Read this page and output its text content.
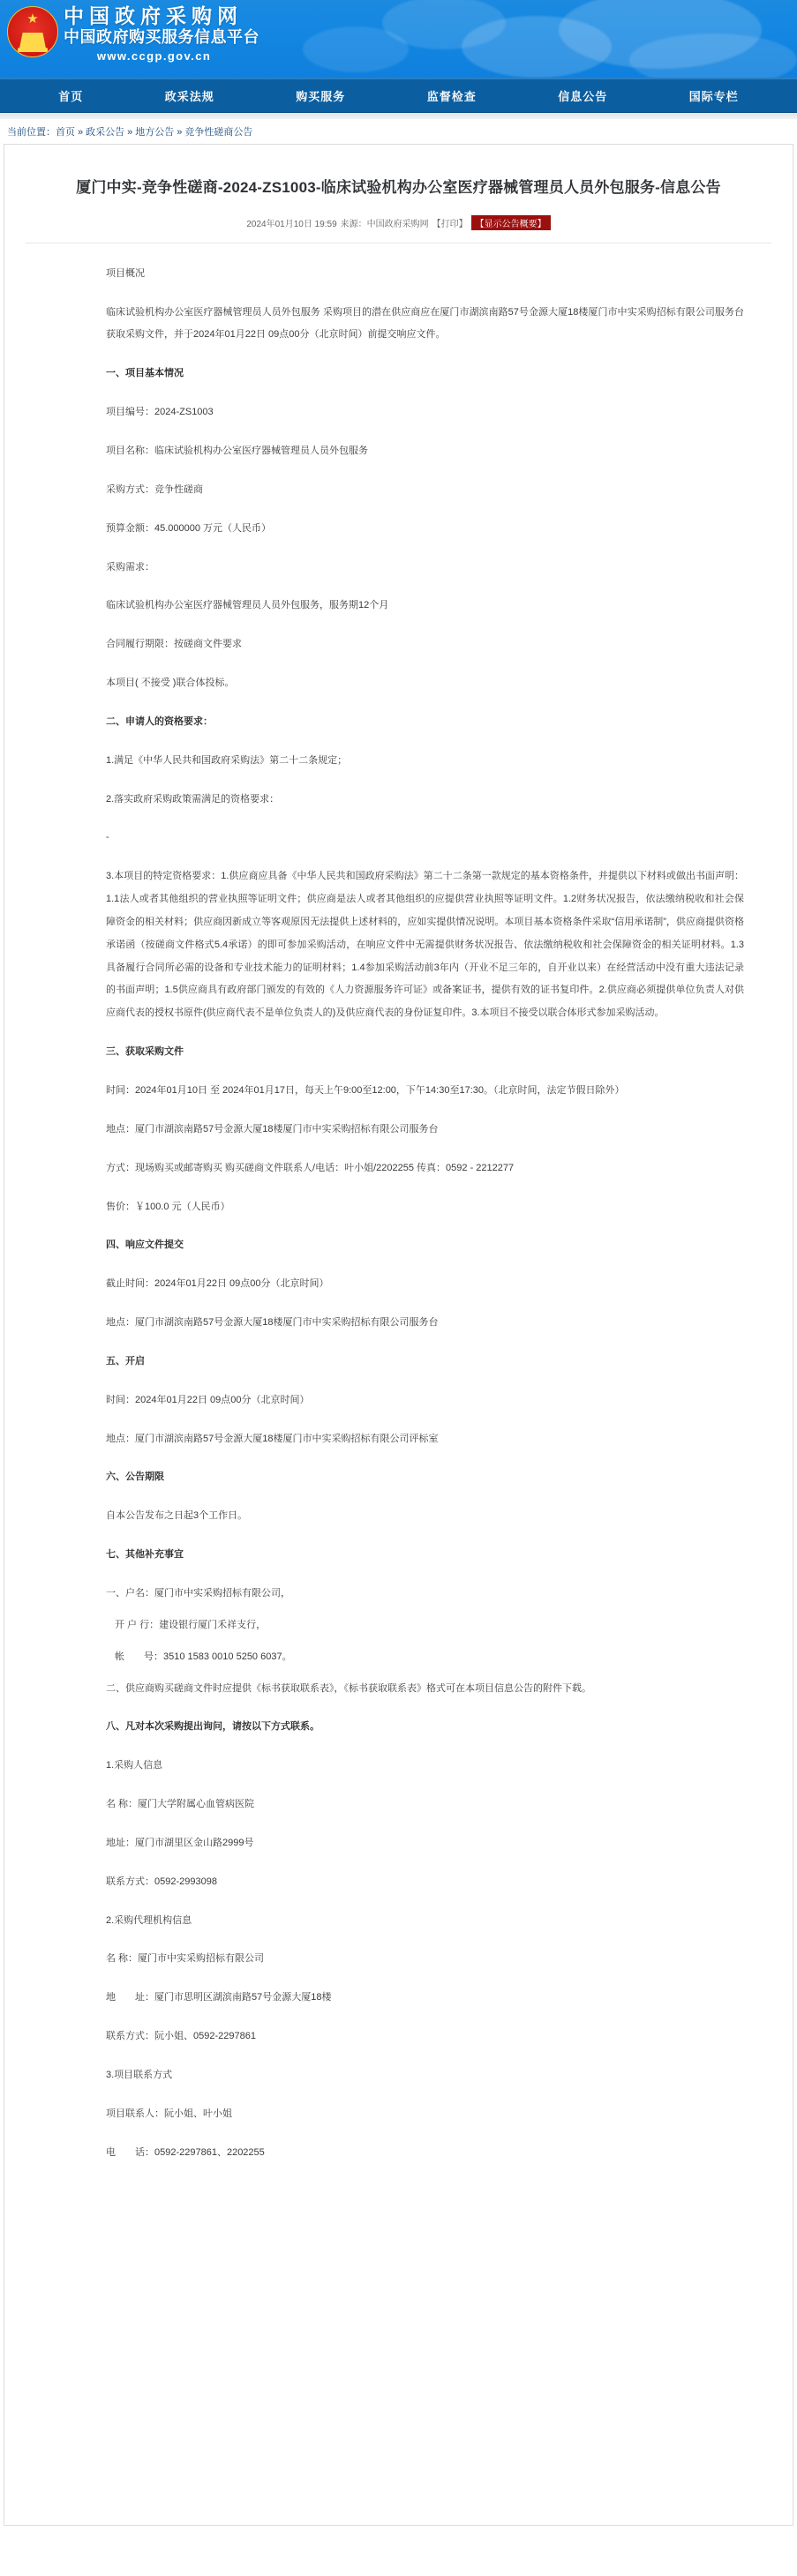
★
中国政府采购网
中国政府购买服务信息平台
www.ccgp.gov.cn
首页	政采法规	购买服务	监督检查	信息公告	国际专栏
当前位置：首页 » 政采公告 » 地方公告 » 竞争性磋商公告
厦门中实-竞争性磋商-2024-ZS1003-临床试验机构办公室医疗器械管理员人员外包服务-信息公告
2024年01月10日 19:59 来源：中国政府采购网 【打印】 【显示公告概要】
项目概况
临床试验机构办公室医疗器械管理员人员外包服务 采购项目的潜在供应商应在厦门市湖滨南路57号金源大厦18楼厦门市中实采购招标有限公司服务台获取采购文件，并于2024年01月22日 09点00分（北京时间）前提交响应文件。
一、项目基本情况
项目编号：2024-ZS1003
项目名称：临床试验机构办公室医疗器械管理员人员外包服务
采购方式：竞争性磋商
预算金额：45.000000 万元（人民币）
采购需求：
临床试验机构办公室医疗器械管理员人员外包服务，服务期12个月
合同履行期限：按磋商文件要求
本项目( 不接受 )联合体投标。
二、申请人的资格要求：
1.满足《中华人民共和国政府采购法》第二十二条规定；
2.落实政府采购政策需满足的资格要求：
-
3.本项目的特定资格要求：1.供应商应具备《中华人民共和国政府采购法》第二十二条第一款规定的基本资格条件，并提供以下材料或做出书面声明：1.1法人或者其他组织的营业执照等证明文件；供应商是法人或者其他组织的应提供营业执照等证明文件。1.2财务状况报告，依法缴纳税收和社会保障资金的相关材料；供应商因新成立等客观原因无法提供上述材料的，应如实提供情况说明。本项目基本资格条件采取“信用承诺制”，供应商提供资格承诺函（按磋商文件格式5.4承诺）的即可参加采购活动，在响应文件中无需提供财务状况报告、依法缴纳税收和社会保障资金的相关证明材料。1.3具备履行合同所必需的设备和专业技术能力的证明材料；1.4参加采购活动前3年内（开业不足三年的，自开业以来）在经营活动中没有重大违法记录的书面声明；1.5供应商具有政府部门颁发的有效的《人力资源服务许可证》或备案证书，提供有效的证书复印件。2.供应商必须提供单位负责人对供应商代表的授权书原件(供应商代表不是单位负责人的)及供应商代表的身份证复印件。3.本项目不接受以联合体形式参加采购活动。
三、获取采购文件
时间：2024年01月10日 至 2024年01月17日，每天上午9:00至12:00，下午14:30至17:30。（北京时间，法定节假日除外）
地点：厦门市湖滨南路57号金源大厦18楼厦门市中实采购招标有限公司服务台
方式：现场购买或邮寄购买 购买磋商文件联系人/电话：叶小姐/2202255 传真：0592 - 2212277
售价：￥100.0 元（人民币）
四、响应文件提交
截止时间：2024年01月22日 09点00分（北京时间）
地点：厦门市湖滨南路57号金源大厦18楼厦门市中实采购招标有限公司服务台
五、开启
时间：2024年01月22日 09点00分（北京时间）
地点：厦门市湖滨南路57号金源大厦18楼厦门市中实采购招标有限公司评标室
六、公告期限
自本公告发布之日起3个工作日。
七、其他补充事宜
一、户名：厦门市中实采购招标有限公司，
开 户 行：建设银行厦门禾祥支行，
帐　　号：3510 1583 0010 5250 6037。
二、供应商购买磋商文件时应提供《标书获取联系表》，《标书获取联系表》格式可在本项目信息公告的附件下载。
八、凡对本次采购提出询问，请按以下方式联系。
1.采购人信息
名 称：厦门大学附属心血管病医院
地址：厦门市湖里区金山路2999号
联系方式：0592-2993098
2.采购代理机构信息
名 称：厦门市中实采购招标有限公司
地　　址：厦门市思明区湖滨南路57号金源大厦18楼
联系方式：阮小姐、0592-2297861
3.项目联系方式
项目联系人：阮小姐、叶小姐
电　　话：0592-2297861、2202255
